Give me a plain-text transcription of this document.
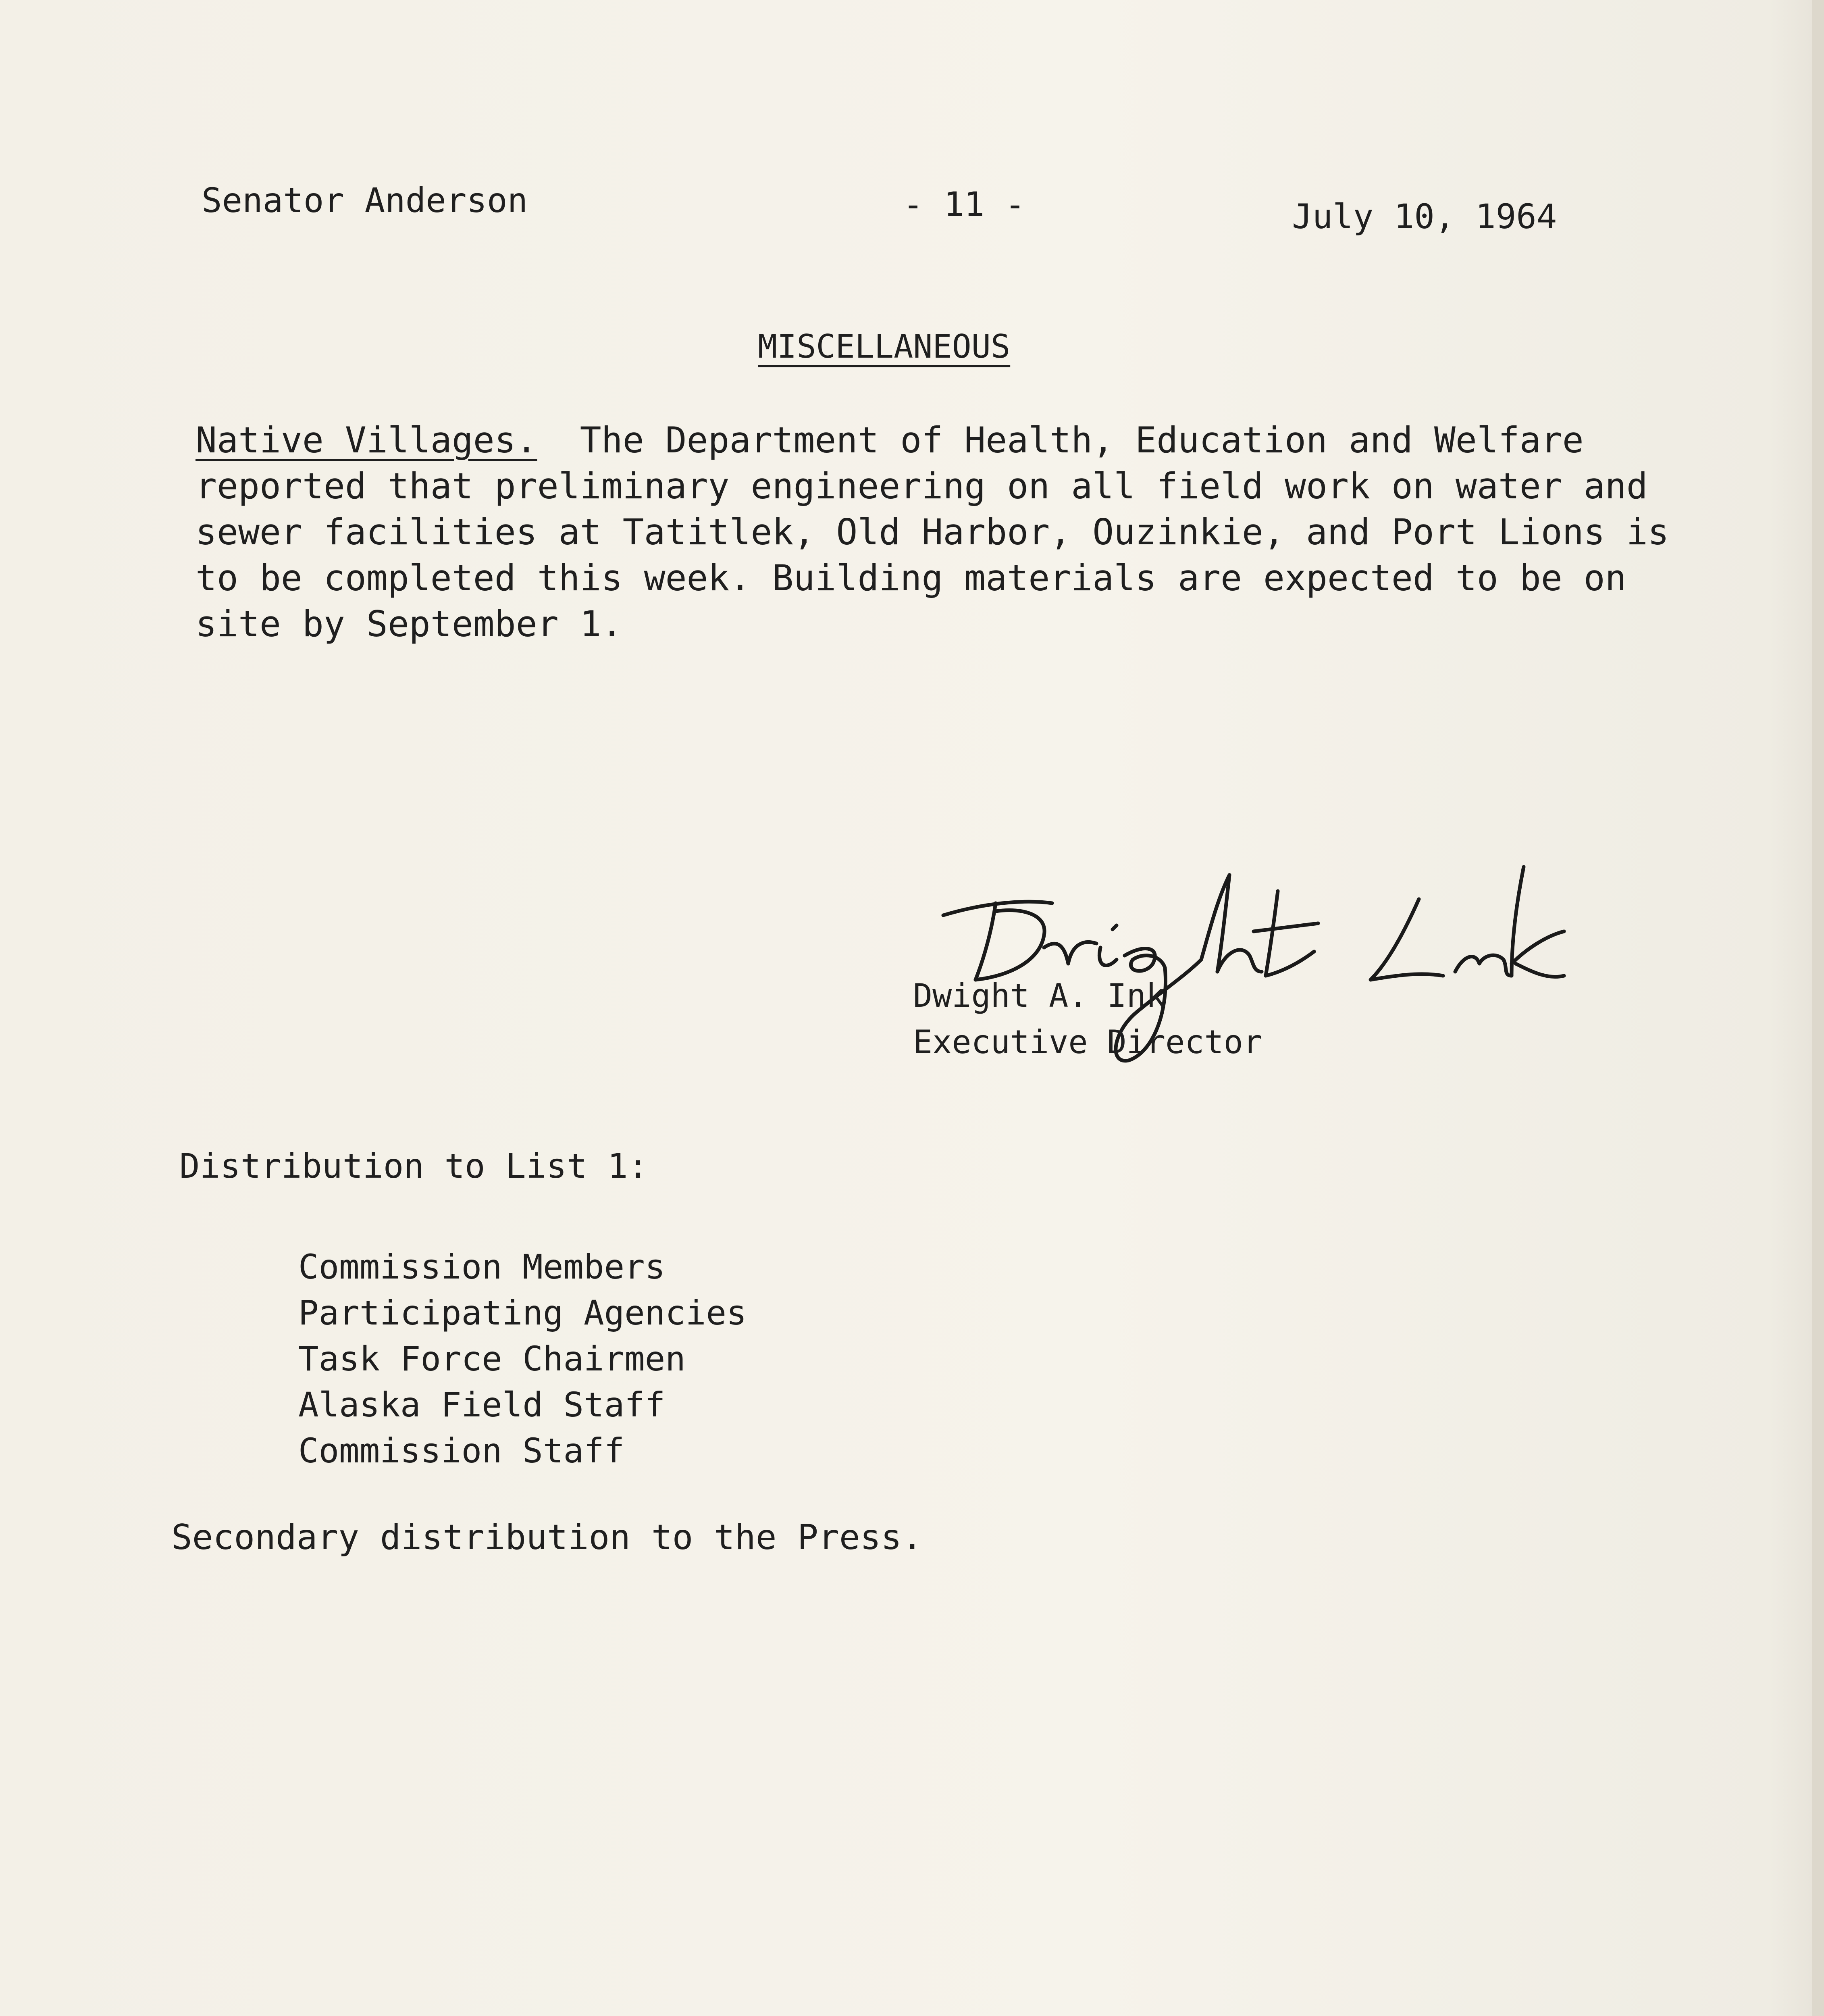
Senator Anderson	- 11 -	July 10, 1964
MISCELLANEOUS
Native Villages.  The Department of Health, Education and Welfare reported that preliminary engineering on all field work on water and sewer facilities at Tatitlek, Old Harbor, Ouzinkie, and Port Lions is to be completed this week. Building materials are expected to be on site by September 1.
Dwight A. Ink
Executive Director
Distribution to List 1:
Commission Members
Participating Agencies
Task Force Chairmen
Alaska Field Staff
Commission Staff
Secondary distribution to the Press.
